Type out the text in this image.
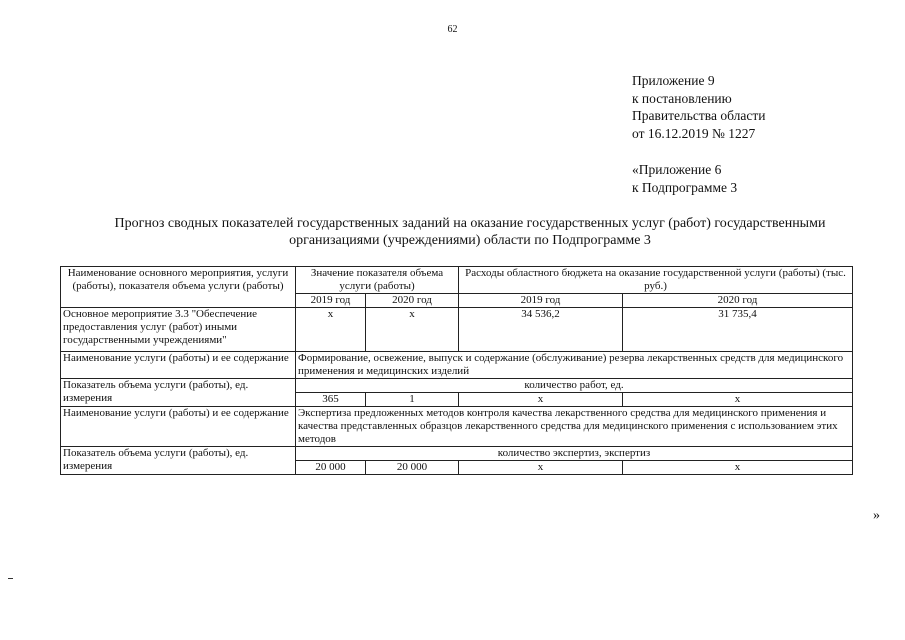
62
Приложение 9
к постановлению
Правительства области
от 16.12.2019 № 1227
«Приложение 6
к Подпрограмме 3
Прогноз сводных показателей государственных заданий на оказание государственных услуг (работ) государственными
организациями (учреждениями) области по Подпрограмме 3
Наименование основного мероприятия, услуги (работы), показателя объема услуги (работы)	Значение показателя объема услуги (работы)		Расходы областного бюджета на оказание государственной услуги (работы) (тыс. руб.)	
	2019 год	2020 год	2019 год	2020 год
Основное мероприятие 3.3 "Обеспечение предоставления услуг (работ) иными государственными учреждениями"	x	x	34 536,2	31 735,4
Наименование услуги (работы) и ее содержание	Формирование, освежение, выпуск и содержание (обслуживание) резерва лекарственных средств для медицинского применения и медицинских изделий			
Показатель объема услуги (работы), ед. измерения	количество работ, ед.			
	365	1	x	x
Наименование услуги (работы) и ее содержание	Экспертиза предложенных методов контроля качества лекарственного средства для медицинского применения и качества представленных образцов лекарственного средства для медицинского применения с использованием этих методов			
Показатель объема услуги (работы), ед. измерения	количество экспертиз, экспертиз			
	20 000	20 000	x	x
»
